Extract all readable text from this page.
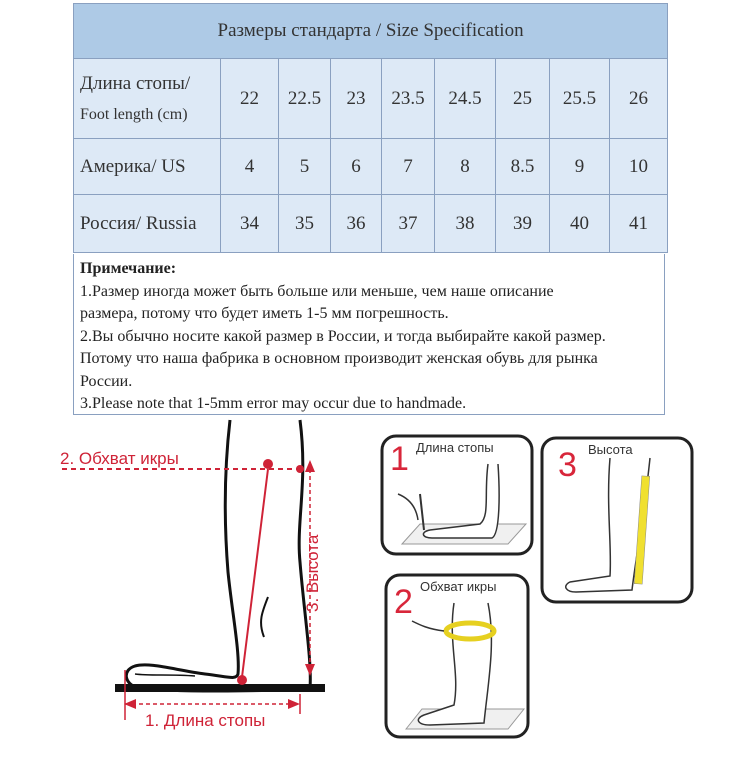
Размеры стандарта / Size Specification								

Длина стопы/
Foot length (cm)	22	22.5	23	23.5	24.5	25	25.5	26
Америка/ US	4	5	6	7	8	8.5	9	10
Россия/ Russia	34	35	36	37	38	39	40	41
Примечание:
1.Размер иногда может быть больше или меньше, чем наше описание
размера, потому что будет иметь 1-5 мм погрешность.
2.Вы обычно носите какой размер в России, и тогда выбирайте какой размер.
Потому что наша фабрика в основном производит женская обувь для рынка
России.
3.Please note that 1-5mm error may occur due to handmade.
2. Обхват икры
3. Высота
1. Длина стопы
1 Длина стопы 3 Высота
2 Обхват икры
